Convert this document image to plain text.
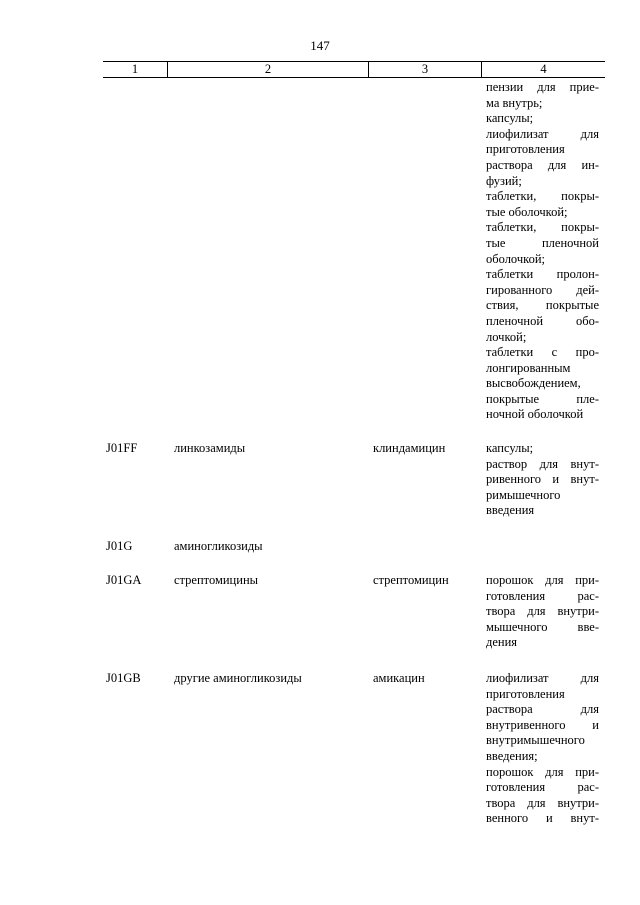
147
1	2	3	4
пензии для прие-
ма внутрь;
капсулы;
лиофилизат для
приготовления
раствора для ин-
фузий;
таблетки, покры-
тые оболочкой;
таблетки, покры-
тые пленочной
оболочкой;
таблетки пролон-
гированного дей-
ствия, покрытые
пленочной обо-
лочкой;
таблетки с про-
лонгированным
высвобождением,
покрытые пле-
ночной оболочкой
J01FF	линкозамиды	клиндамицин	капсулы;
раствор для внут-
ривенного и внут-
римышечного
введения
J01G	аминогликозиды
J01GA	стрептомицины	стрептомицин	порошок для при-
готовления рас-
твора для внутри-
мышечного вве-
дения
J01GB	другие аминогликозиды	амикацин	лиофилизат для
приготовления
раствора для
внутривенного и
внутримышечного
введения;
порошок для при-
готовления рас-
твора для внутри-
венного и внут-
